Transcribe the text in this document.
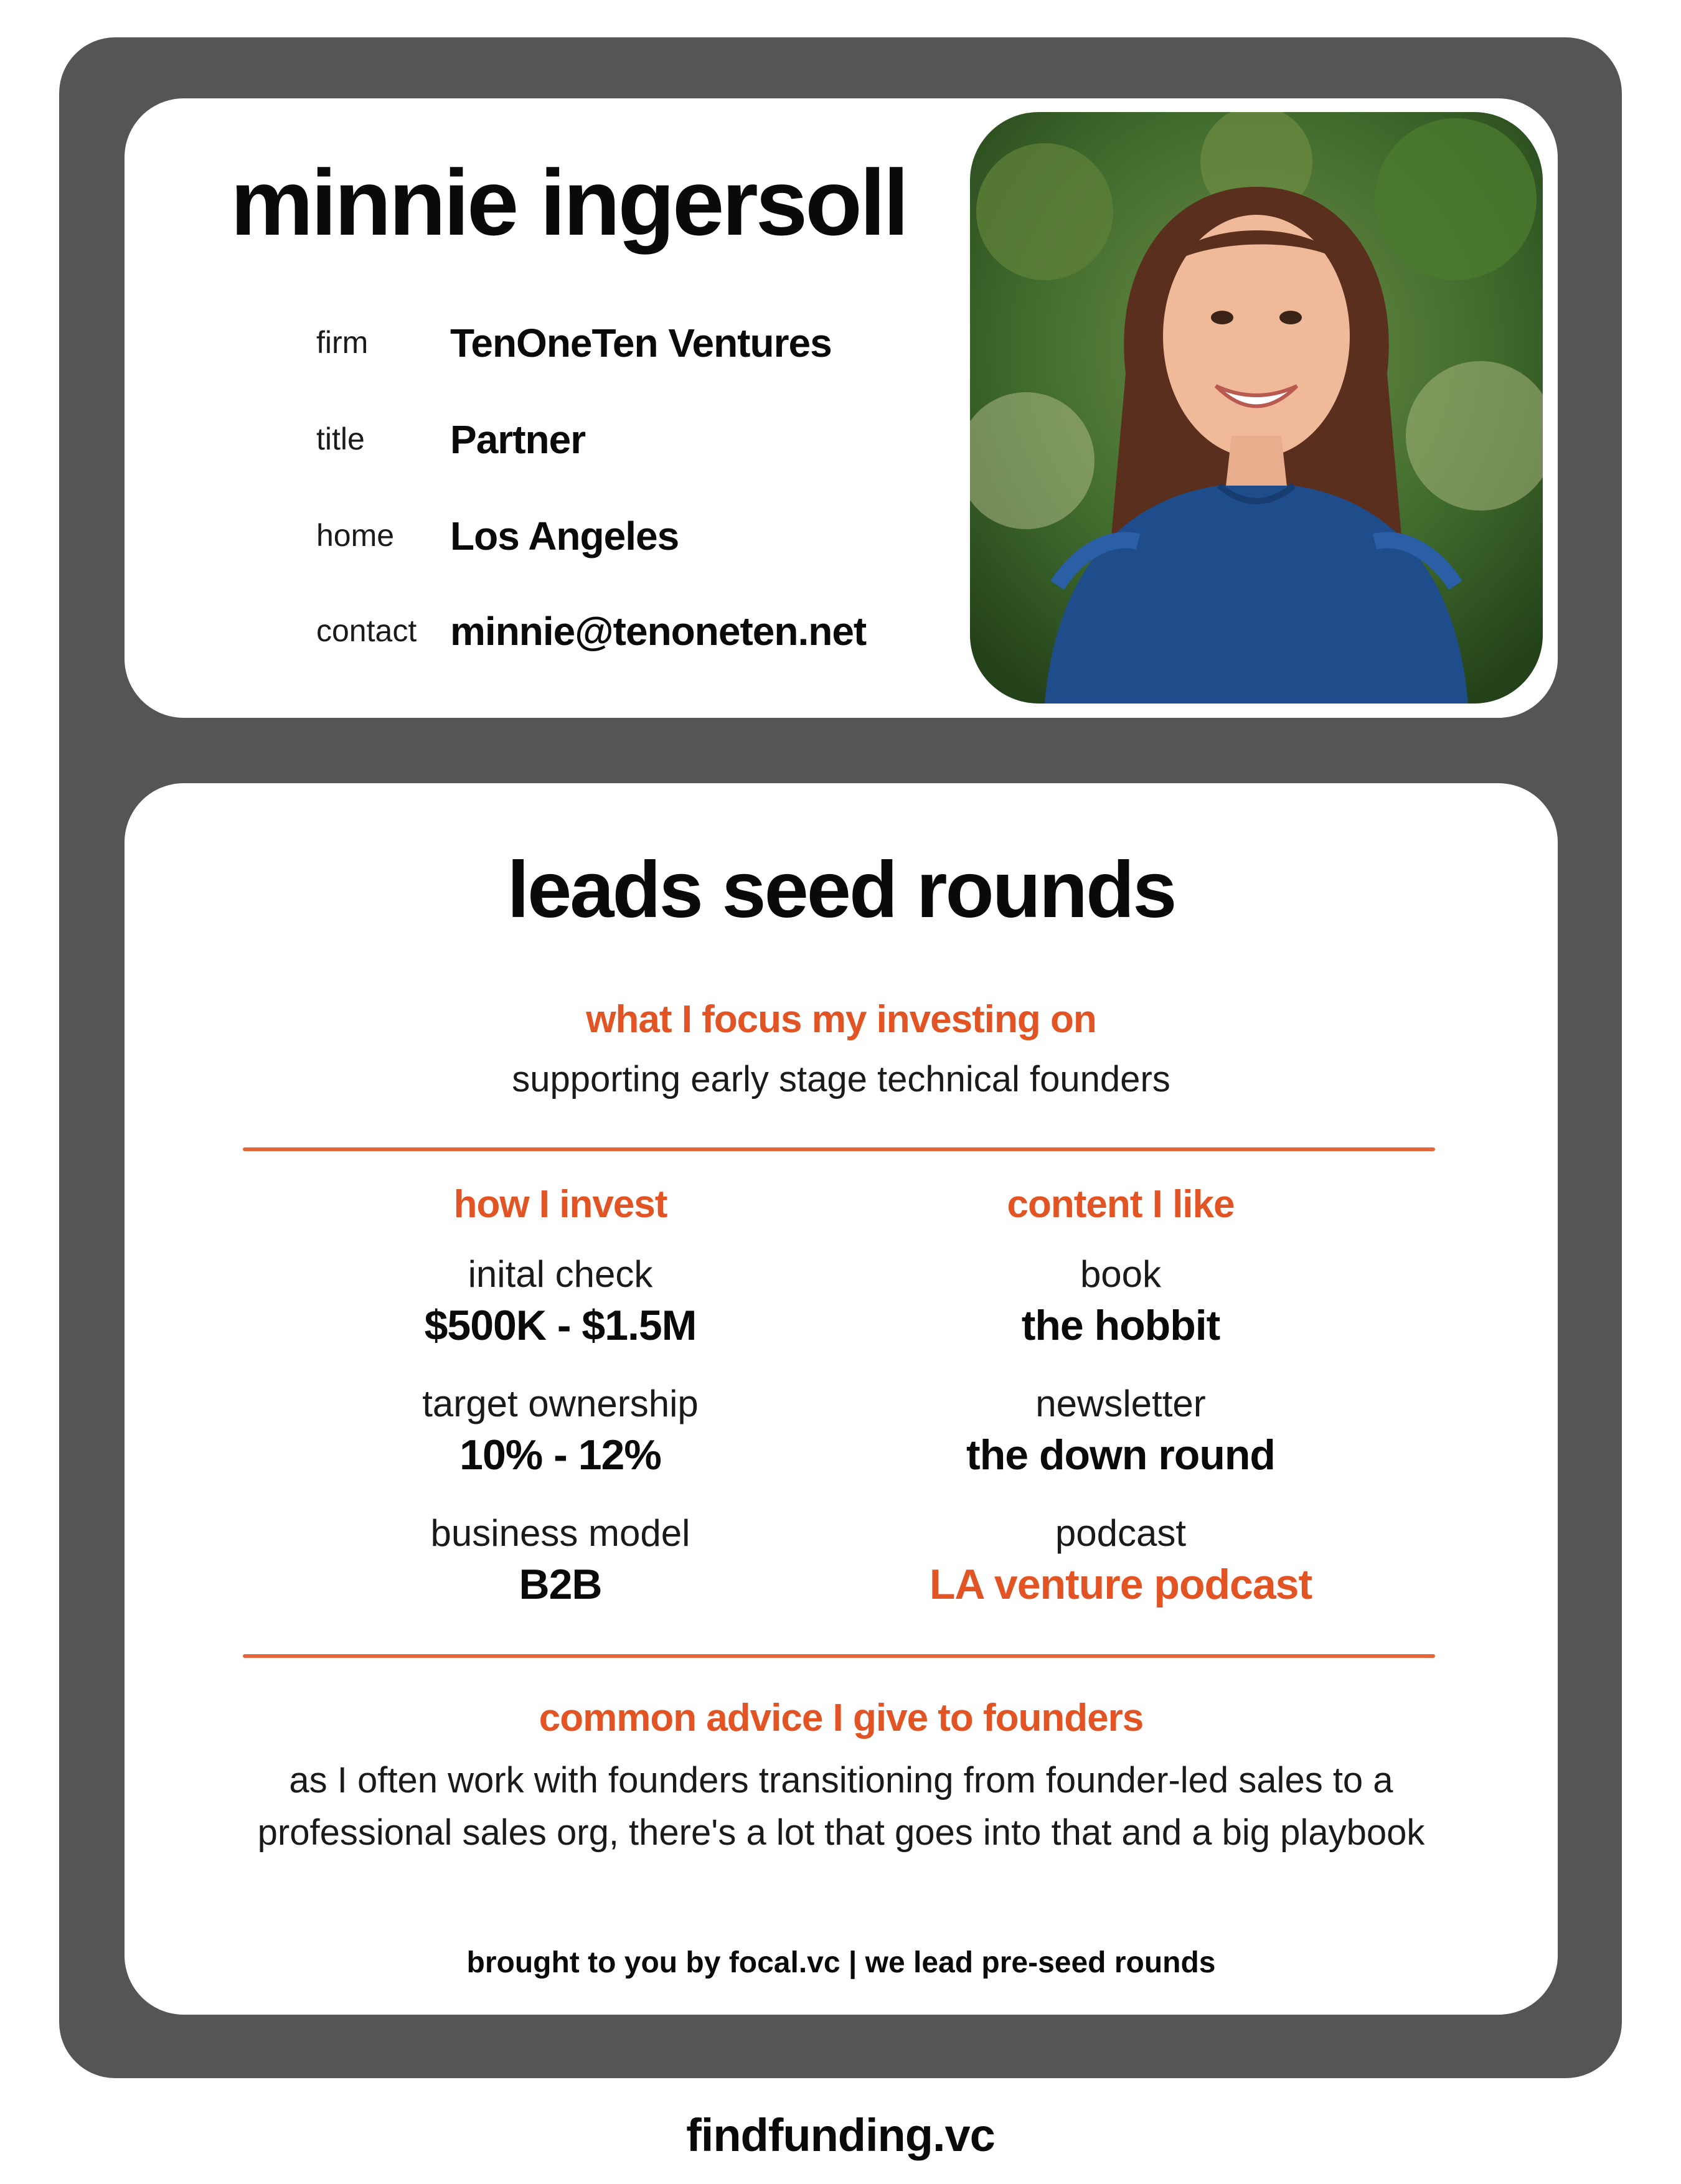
minnie ingersoll
firm TenOneTen Ventures
title Partner
home Los Angeles
contact minnie@tenoneten.net
leads seed rounds
what I focus my investing on
supporting early stage technical founders
how I invest
inital check
$500K - $1.5M
target ownership
10% - 12%
business model
B2B
content I like
book
the hobbit
newsletter
the down round
podcast
LA venture podcast
common advice I give to founders
as I often work with founders transitioning from founder-led sales to a
professional sales org, there's a lot that goes into that and a big playbook
brought to you by focal.vc | we lead pre-seed rounds
findfunding.vc
